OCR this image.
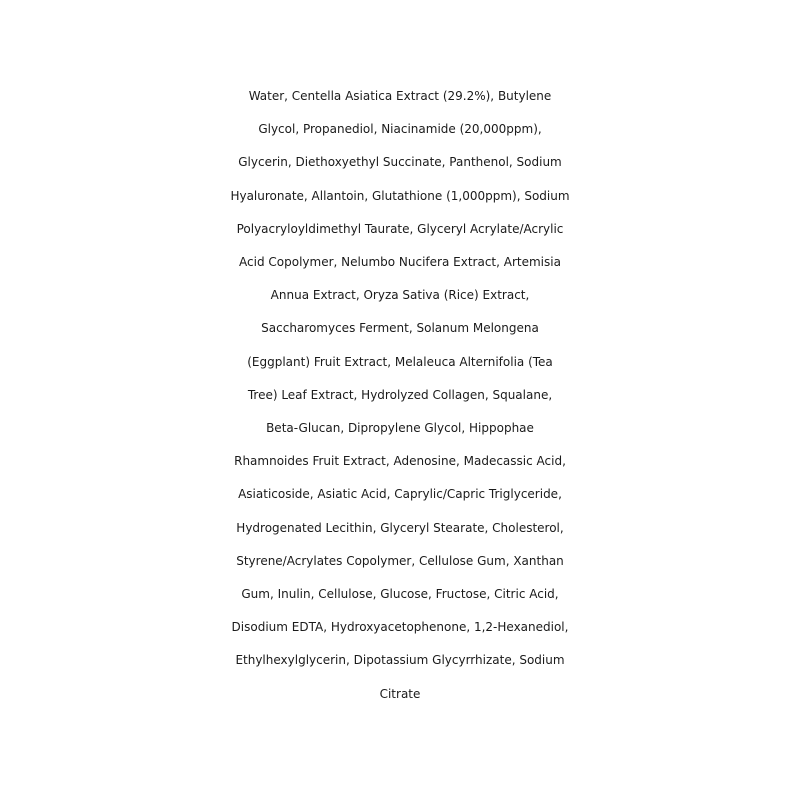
Water, Centella Asiatica Extract (29.2%), Butylene
Glycol, Propanediol, Niacinamide (20,000ppm),
Glycerin, Diethoxyethyl Succinate, Panthenol, Sodium
Hyaluronate, Allantoin, Glutathione (1,000ppm), Sodium
Polyacryloyldimethyl Taurate, Glyceryl Acrylate/Acrylic
Acid Copolymer, Nelumbo Nucifera Extract, Artemisia
Annua Extract, Oryza Sativa (Rice) Extract,
Saccharomyces Ferment, Solanum Melongena
(Eggplant) Fruit Extract, Melaleuca Alternifolia (Tea
Tree) Leaf Extract, Hydrolyzed Collagen, Squalane,
Beta-Glucan, Dipropylene Glycol, Hippophae
Rhamnoides Fruit Extract, Adenosine, Madecassic Acid,
Asiaticoside, Asiatic Acid, Caprylic/Capric Triglyceride,
Hydrogenated Lecithin, Glyceryl Stearate, Cholesterol,
Styrene/Acrylates Copolymer, Cellulose Gum, Xanthan
Gum, Inulin, Cellulose, Glucose, Fructose, Citric Acid,
Disodium EDTA, Hydroxyacetophenone, 1,2-Hexanediol,
Ethylhexylglycerin, Dipotassium Glycyrrhizate, Sodium
Citrate
